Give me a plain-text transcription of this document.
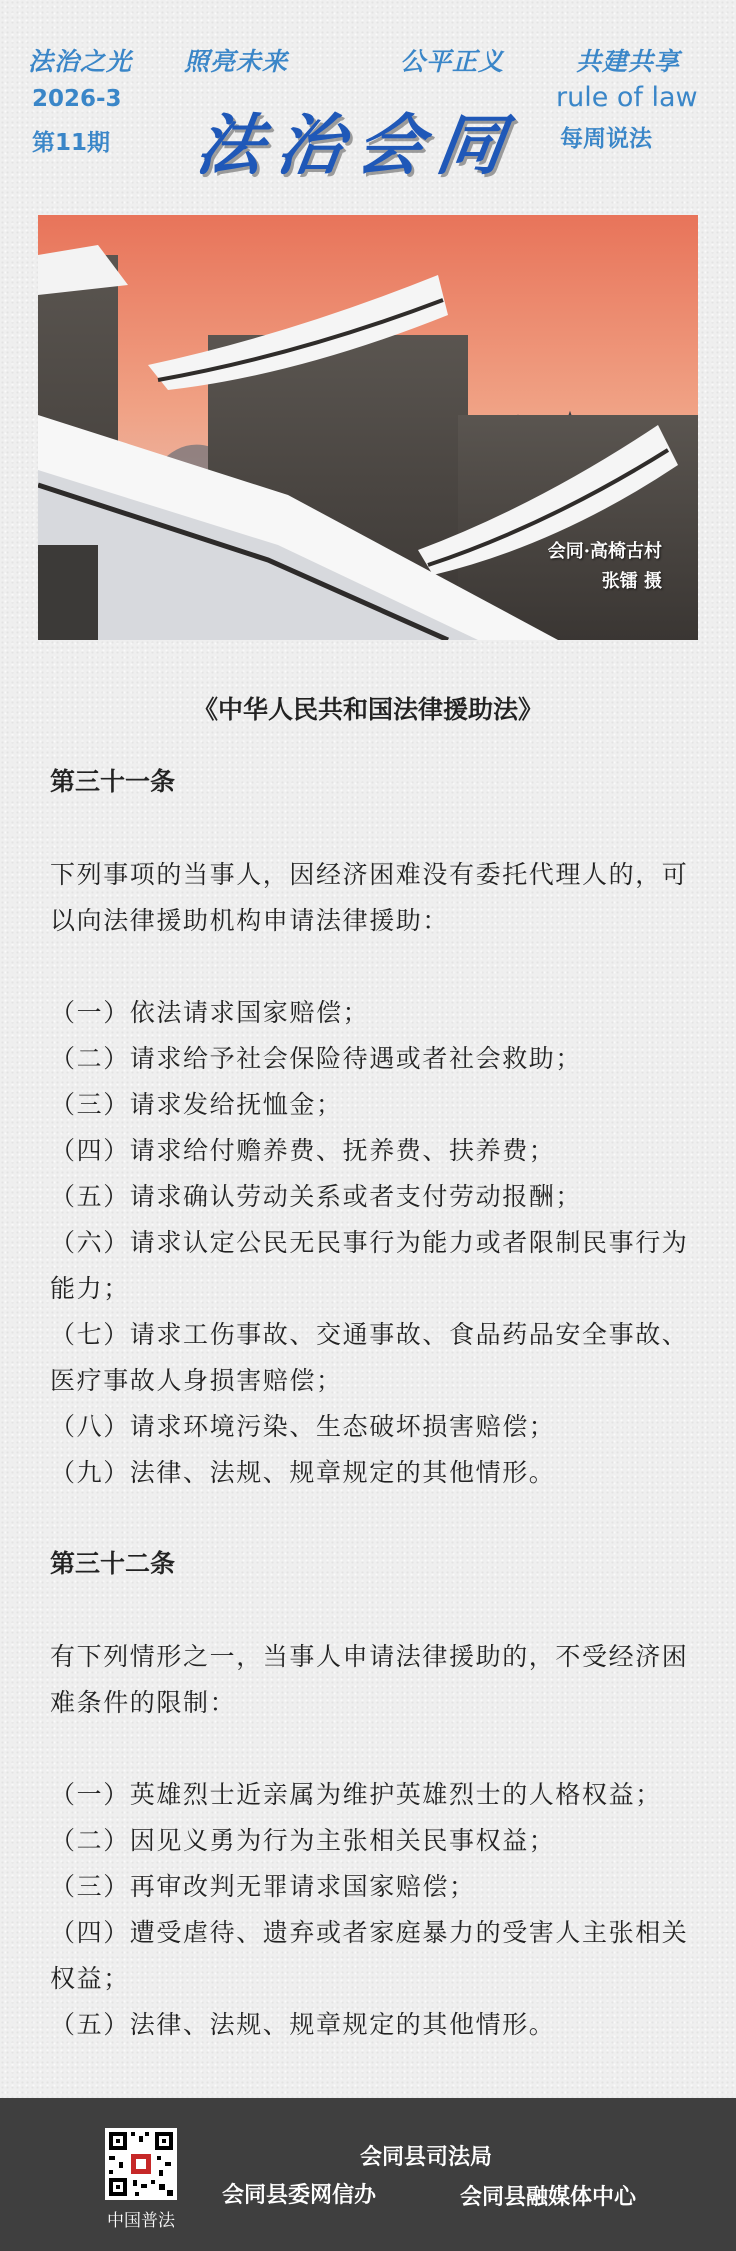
法治之光 照亮未来	公平正义	共建共享
2026-3
第11期 法治会同
rule of law
每周说法
会同·高椅古村
张镭 摄
《中华人民共和国法律援助法》
第三十一条
下列事项的当事人，因经济困难没有委托代理人的，可以向法律援助机构申请法律援助：
（一）依法请求国家赔偿；
（二）请求给予社会保险待遇或者社会救助；
（三）请求发给抚恤金；
（四）请求给付赡养费、抚养费、扶养费；
（五）请求确认劳动关系或者支付劳动报酬；
（六）请求认定公民无民事行为能力或者限制民事行为能力；
（七）请求工伤事故、交通事故、食品药品安全事故、医疗事故人身损害赔偿；
（八）请求环境污染、生态破坏损害赔偿；
（九）法律、法规、规章规定的其他情形。
第三十二条
有下列情形之一，当事人申请法律援助的，不受经济困难条件的限制：
（一）英雄烈士近亲属为维护英雄烈士的人格权益；
（二）因见义勇为行为主张相关民事权益；
（三）再审改判无罪请求国家赔偿；
（四）遭受虐待、遗弃或者家庭暴力的受害人主张相关权益；
（五）法律、法规、规章规定的其他情形。
中国普法
会同县司法局
会同县委网信办	会同县融媒体中心
